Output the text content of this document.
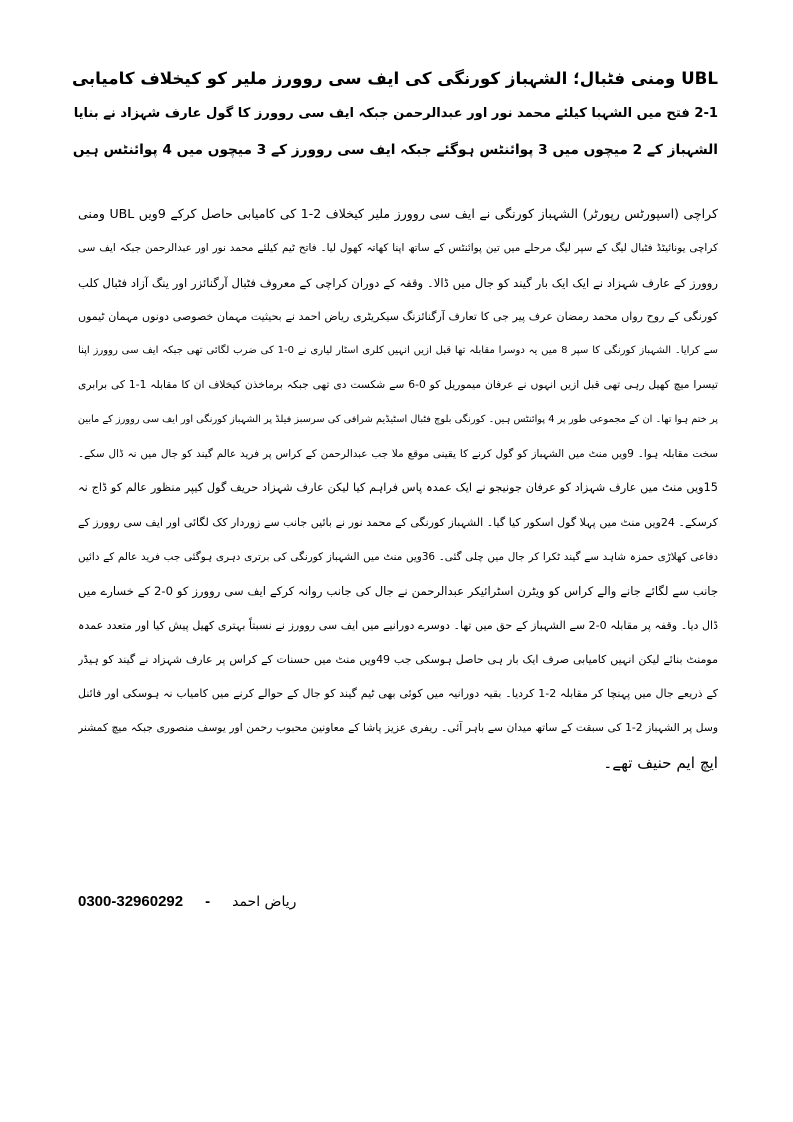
UBL ومنی فٹبال؛ الشہباز کورنگی کی ایف سی روورز ملیر کو کیخلاف کامیابی
2-1 فتح میں الشہبا کیلئے محمد نور اور عبدالرحمن جبکہ ایف سی روورز کا گول عارف شہزاد نے بنایا
الشہباز کے 2 میچوں میں 3 پوائنٹس ہوگئے جبکہ ایف سی روورز کے 3 میچوں میں 4 پوائنٹس ہیں
کراچی (اسپورٹس رپورٹر) الشہباز کورنگی نے ایف سی روورز ملیر کیخلاف 2-1 کی کامیابی حاصل کرکے 9ویں UBL ومنی
کراچی یونائیٹڈ فٹبال لیگ کے سپر لیگ مرحلے میں تین پوائنٹس کے ساتھ اپنا کھاتہ کھول لیا۔ فاتح ٹیم کیلئے محمد نور اور عبدالرحمن جبکہ ایف سی
روورز کے عارف شہزاد نے ایک ایک بار گیند کو جال میں ڈالا۔ وقفہ کے دوران کراچی کے معروف فٹبال آرگنائزر اور ینگ آزاد فٹبال کلب
کورنگی کے روح رواں محمد رمضان عرف پیر جی کا تعارف آرگنائزنگ سیکریٹری ریاض احمد نے بحیثیت مہمان خصوصی دونوں مہمان ٹیموں
سے کرایا۔ الشہباز کورنگی کا سپر 8 میں یہ دوسرا مقابلہ تھا قبل ازیں انہیں کلری اسٹار لیاری نے 0-1 کی ضرب لگائی تھی جبکہ ایف سی روورز اپنا
تیسرا میچ کھیل رہی تھی قبل ازیں انہوں نے عرفان میموریل کو 0-6 سے شکست دی تھی جبکہ برماخذن کیخلاف ان کا مقابلہ 1-1 کی برابری
پر ختم ہوا تھا۔ ان کے مجموعی طور پر 4 پوائنٹس ہیں۔ کورنگی بلوچ فٹبال اسٹیڈیم شرافی کی سرسبز فیلڈ پر الشہباز کورنگی اور ایف سی روورز کے مابین
سخت مقابلہ ہوا۔ 9ویں منٹ میں الشہباز کو گول کرنے کا یقینی موقع ملا جب عبدالرحمن کے کراس پر فرید عالم گیند کو جال میں نہ ڈال سکے۔
15ویں منٹ میں عارف شہزاد کو عرفان جونیجو نے ایک عمدہ پاس فراہم کیا لیکن عارف شہزاد حریف گول کیپر منظور عالم کو ڈاج نہ
کرسکے۔ 24ویں منٹ میں پہلا گول اسکور کیا گیا۔ الشہباز کورنگی کے محمد نور نے بائیں جانب سے زوردار کک لگائی اور ایف سی روورز کے
دفاعی کھلاڑی حمزہ شاہد سے گیند ٹکرا کر جال میں چلی گئی۔ 36ویں منٹ میں الشہباز کورنگی کی برتری دہری ہوگئی جب فرید عالم کے دائیں
جانب سے لگائے جانے والے کراس کو ویٹرن اسٹرائیکر عبدالرحمن نے جال کی جانب روانہ کرکے ایف سی روورز کو 0-2 کے خسارے میں
ڈال دیا۔ وقفہ پر مقابلہ 0-2 سے الشہباز کے حق میں تھا۔ دوسرے دورانیے میں ایف سی روورز نے نسبتاً بہتری کھیل پیش کیا اور متعدد عمدہ
مومنٹ بنائے لیکن انہیں کامیابی صرف ایک بار ہی حاصل ہوسکی جب 49ویں منٹ میں حسنات کے کراس پر عارف شہزاد نے گیند کو ہیڈر
کے ذریعے جال میں پہنچا کر مقابلہ 2-1 کردیا۔ بقیہ دورانیہ میں کوئی بھی ٹیم گیند کو جال کے حوالے کرنے میں کامیاب نہ ہوسکی اور فائنل
وسل پر الشہباز 2-1 کی سبقت کے ساتھ میدان سے باہر آئی۔ ریفری عزیز پاشا کے معاونین محبوب رحمن اور یوسف منصوری جبکہ میچ کمشنر
ایچ ایم حنیف تھے۔
0300-32960292 - ریاض احمد
